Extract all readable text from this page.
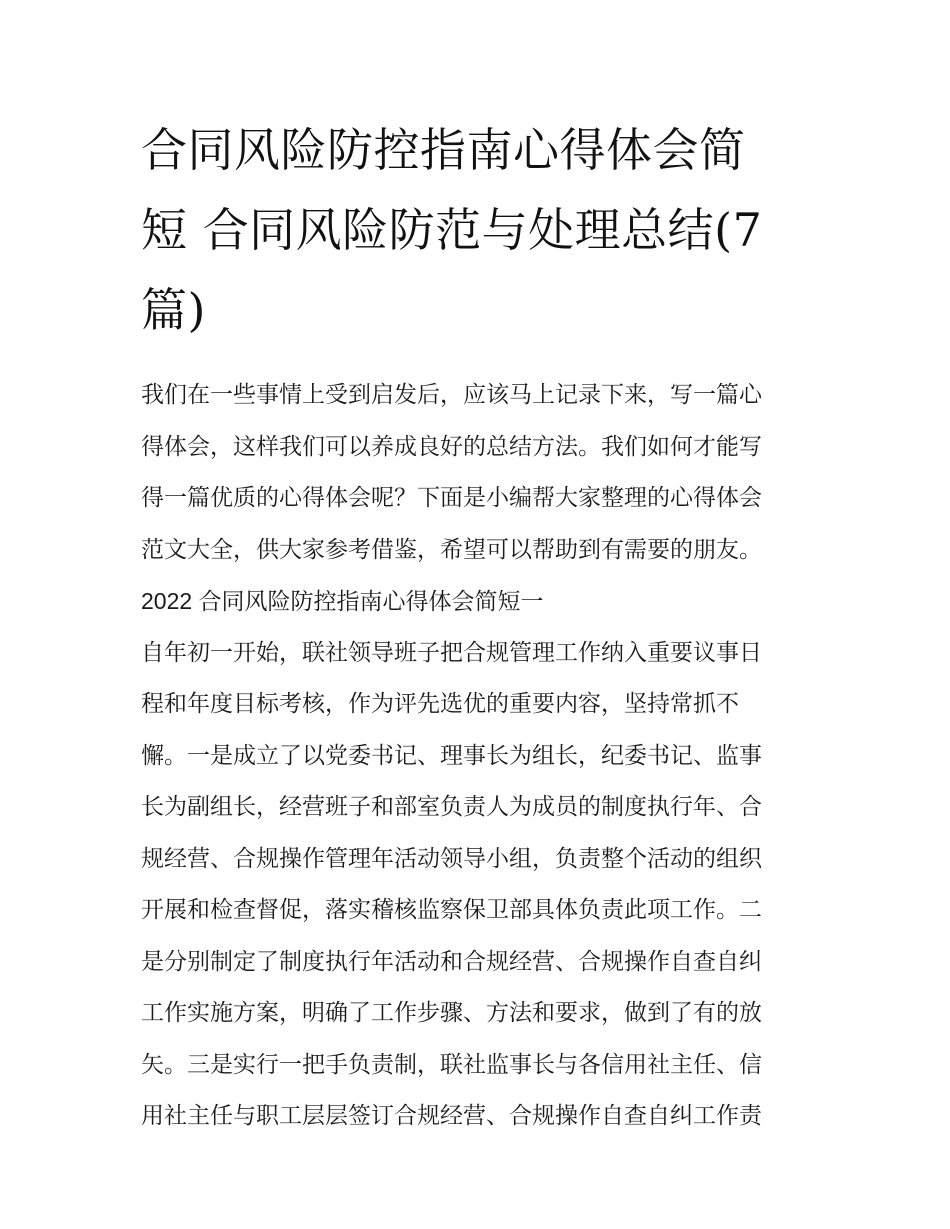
合同风险防控指南心得体会简
短 合同风险防范与处理总结(7
篇)
我们在一些事情上受到启发后，应该马上记录下来，写一篇心
得体会，这样我们可以养成良好的总结方法。我们如何才能写
得一篇优质的心得体会呢？下面是小编帮大家整理的心得体会
范文大全，供大家参考借鉴，希望可以帮助到有需要的朋友。
2022 合同风险防控指南心得体会简短一
自年初一开始，联社领导班子把合规管理工作纳入重要议事日
程和年度目标考核，作为评先选优的重要内容，坚持常抓不
懈。一是成立了以党委书记、理事长为组长，纪委书记、监事
长为副组长，经营班子和部室负责人为成员的制度执行年、合
规经营、合规操作管理年活动领导小组，负责整个活动的组织
开展和检查督促，落实稽核监察保卫部具体负责此项工作。二
是分别制定了制度执行年活动和合规经营、合规操作自查自纠
工作实施方案，明确了工作步骤、方法和要求，做到了有的放
矢。三是实行一把手负责制，联社监事长与各信用社主任、信
用社主任与职工层层签订合规经营、合规操作自查自纠工作责
